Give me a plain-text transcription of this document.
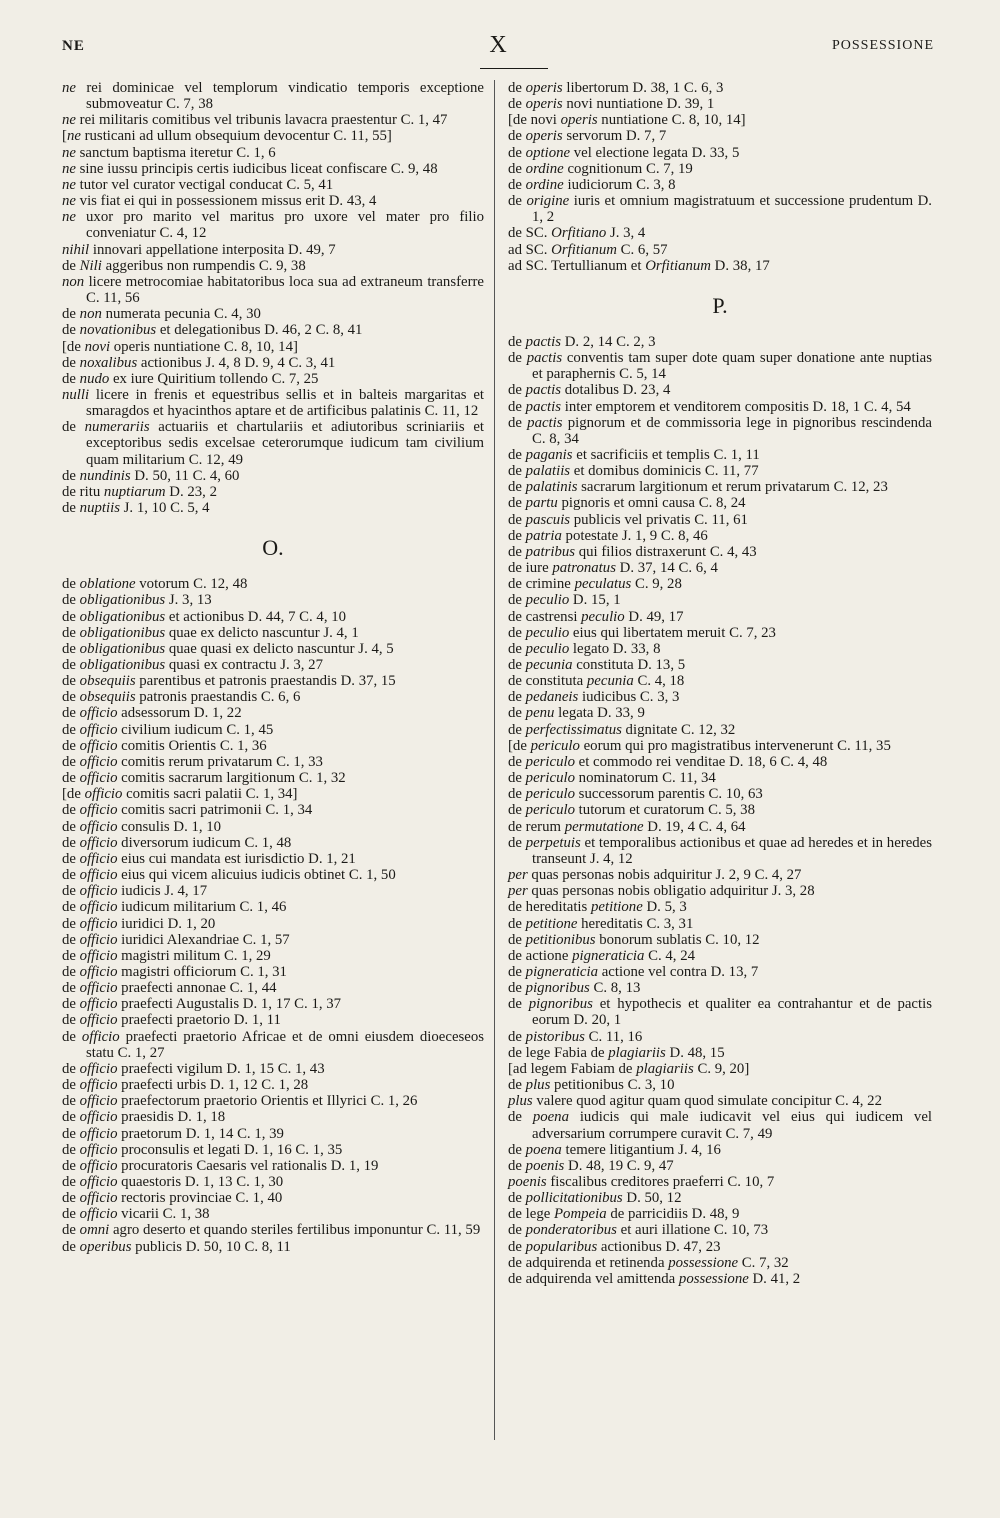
NE	X	POSSESSIONE
ne rei dominicae vel templorum vindicatio temporis exceptione submoveatur C. 7, 38
ne rei militaris comitibus vel tribunis lavacra praestentur C. 1, 47
[ne rusticani ad ullum obsequium devocentur C. 11, 55]
ne sanctum baptisma iteretur C. 1, 6
ne sine iussu principis certis iudicibus liceat confiscare C. 9, 48
ne tutor vel curator vectigal conducat C. 5, 41
ne vis fiat ei qui in possessionem missus erit D. 43, 4
ne uxor pro marito vel maritus pro uxore vel mater pro filio conveniatur C. 4, 12
nihil innovari appellatione interposita D. 49, 7
de Nili aggeribus non rumpendis C. 9, 38
non licere metrocomiae habitatoribus loca sua ad extraneum transferre C. 11, 56
de non numerata pecunia C. 4, 30
de novationibus et delegationibus D. 46, 2 C. 8, 41
[de novi operis nuntiatione C. 8, 10, 14]
de noxalibus actionibus J. 4, 8 D. 9, 4 C. 3, 41
de nudo ex iure Quiritium tollendo C. 7, 25
nulli licere in frenis et equestribus sellis et in balteis margaritas et smaragdos et hyacinthos aptare et de artificibus palatinis C. 11, 12
de numerariis actuariis et chartulariis et adiutoribus scriniariis et exceptoribus sedis excelsae ceterorumque iudicum tam civilium quam militarium C. 12, 49
de nundinis D. 50, 11 C. 4, 60
de ritu nuptiarum D. 23, 2
de nuptiis J. 1, 10 C. 5, 4
O.
de oblatione votorum C. 12, 48
de obligationibus J. 3, 13
de obligationibus et actionibus D. 44, 7 C. 4, 10
de obligationibus quae ex delicto nascuntur J. 4, 1
de obligationibus quae quasi ex delicto nascuntur J. 4, 5
de obligationibus quasi ex contractu J. 3, 27
de obsequiis parentibus et patronis praestandis D. 37, 15
de obsequiis patronis praestandis C. 6, 6
de officio adsessorum D. 1, 22
de officio civilium iudicum C. 1, 45
de officio comitis Orientis C. 1, 36
de officio comitis rerum privatarum C. 1, 33
de officio comitis sacrarum largitionum C. 1, 32
[de officio comitis sacri palatii C. 1, 34]
de officio comitis sacri patrimonii C. 1, 34
de officio consulis D. 1, 10
de officio diversorum iudicum C. 1, 48
de officio eius cui mandata est iurisdictio D. 1, 21
de officio eius qui vicem alicuius iudicis obtinet C. 1, 50
de officio iudicis J. 4, 17
de officio iudicum militarium C. 1, 46
de officio iuridici D. 1, 20
de officio iuridici Alexandriae C. 1, 57
de officio magistri militum C. 1, 29
de officio magistri officiorum C. 1, 31
de officio praefecti annonae C. 1, 44
de officio praefecti Augustalis D. 1, 17 C. 1, 37
de officio praefecti praetorio D. 1, 11
de officio praefecti praetorio Africae et de omni eiusdem dioeceseos statu C. 1, 27
de officio praefecti vigilum D. 1, 15 C. 1, 43
de officio praefecti urbis D. 1, 12 C. 1, 28
de officio praefectorum praetorio Orientis et Illyrici C. 1, 26
de officio praesidis D. 1, 18
de officio praetorum D. 1, 14 C. 1, 39
de officio proconsulis et legati D. 1, 16 C. 1, 35
de officio procuratoris Caesaris vel rationalis D. 1, 19
de officio quaestoris D. 1, 13 C. 1, 30
de officio rectoris provinciae C. 1, 40
de officio vicarii C. 1, 38
de omni agro deserto et quando steriles fertilibus imponuntur C. 11, 59
de operibus publicis D. 50, 10 C. 8, 11
de operis libertorum D. 38, 1 C. 6, 3
de operis novi nuntiatione D. 39, 1
[de novi operis nuntiatione C. 8, 10, 14]
de operis servorum D. 7, 7
de optione vel electione legata D. 33, 5
de ordine cognitionum C. 7, 19
de ordine iudiciorum C. 3, 8
de origine iuris et omnium magistratuum et successione prudentum D. 1, 2
de SC. Orfitiano J. 3, 4
ad SC. Orfitianum C. 6, 57
ad SC. Tertullianum et Orfitianum D. 38, 17
P.
de pactis D. 2, 14 C. 2, 3
de pactis conventis tam super dote quam super donatione ante nuptias et paraphernis C. 5, 14
de pactis dotalibus D. 23, 4
de pactis inter emptorem et venditorem compositis D. 18, 1 C. 4, 54
de pactis pignorum et de commissoria lege in pignoribus rescindenda C. 8, 34
de paganis et sacrificiis et templis C. 1, 11
de palatiis et domibus dominicis C. 11, 77
de palatinis sacrarum largitionum et rerum privatarum C. 12, 23
de partu pignoris et omni causa C. 8, 24
de pascuis publicis vel privatis C. 11, 61
de patria potestate J. 1, 9 C. 8, 46
de patribus qui filios distraxerunt C. 4, 43
de iure patronatus D. 37, 14 C. 6, 4
de crimine peculatus C. 9, 28
de peculio D. 15, 1
de castrensi peculio D. 49, 17
de peculio eius qui libertatem meruit C. 7, 23
de peculio legato D. 33, 8
de pecunia constituta D. 13, 5
de constituta pecunia C. 4, 18
de pedaneis iudicibus C. 3, 3
de penu legata D. 33, 9
de perfectissimatus dignitate C. 12, 32
[de periculo eorum qui pro magistratibus intervenerunt C. 11, 35
de periculo et commodo rei venditae D. 18, 6 C. 4, 48
de periculo nominatorum C. 11, 34
de periculo successorum parentis C. 10, 63
de periculo tutorum et curatorum C. 5, 38
de rerum permutatione D. 19, 4 C. 4, 64
de perpetuis et temporalibus actionibus et quae ad heredes et in heredes transeunt J. 4, 12
per quas personas nobis adquiritur J. 2, 9 C. 4, 27
per quas personas nobis obligatio adquiritur J. 3, 28
de hereditatis petitione D. 5, 3
de petitione hereditatis C. 3, 31
de petitionibus bonorum sublatis C. 10, 12
de actione pigneraticia C. 4, 24
de pigneraticia actione vel contra D. 13, 7
de pignoribus C. 8, 13
de pignoribus et hypothecis et qualiter ea contrahantur et de pactis eorum D. 20, 1
de pistoribus C. 11, 16
de lege Fabia de plagiariis D. 48, 15
[ad legem Fabiam de plagiariis C. 9, 20]
de plus petitionibus C. 3, 10
plus valere quod agitur quam quod simulate concipitur C. 4, 22
de poena iudicis qui male iudicavit vel eius qui iudicem vel adversarium corrumpere curavit C. 7, 49
de poena temere litigantium J. 4, 16
de poenis D. 48, 19 C. 9, 47
poenis fiscalibus creditores praeferri C. 10, 7
de pollicitationibus D. 50, 12
de lege Pompeia de parricidiis D. 48, 9
de ponderatoribus et auri illatione C. 10, 73
de popularibus actionibus D. 47, 23
de adquirenda et retinenda possessione C. 7, 32
de adquirenda vel amittenda possessione D. 41, 2
